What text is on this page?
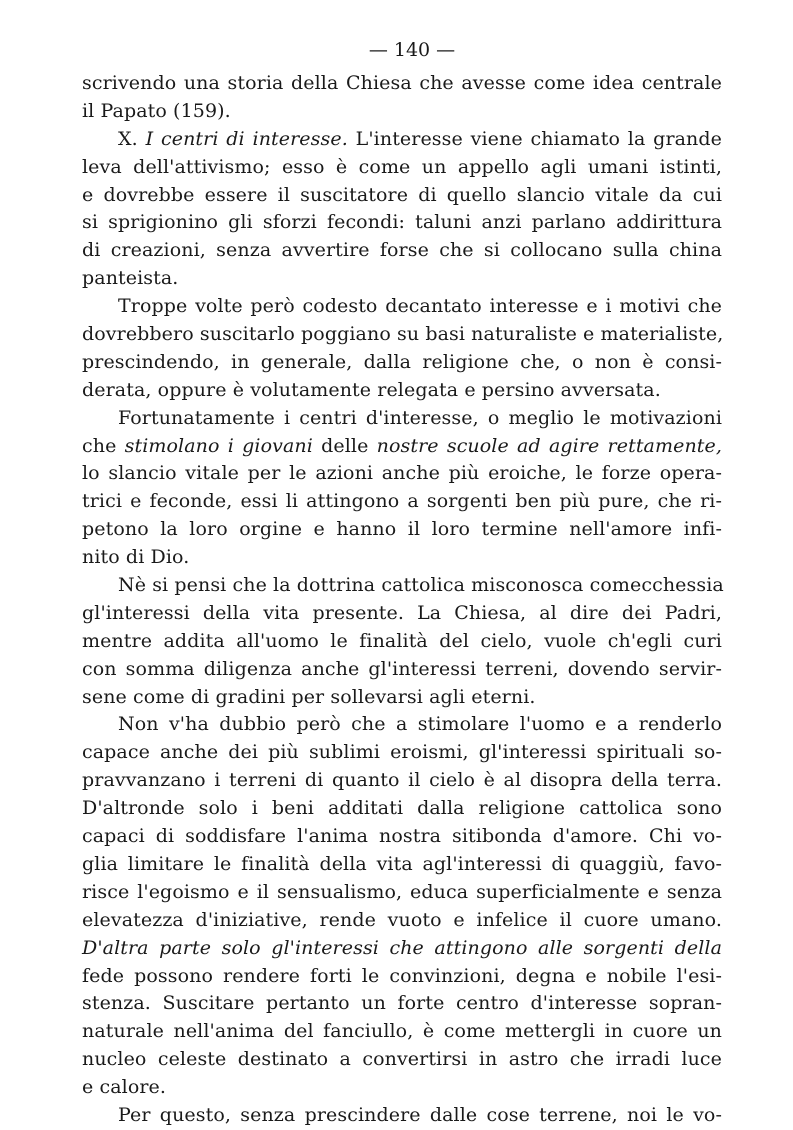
— 140 —
scrivendo una storia della Chiesa che avesse come idea centrale
il Papato (159).
X. I centri di interesse. L'interesse viene chiamato la grande
leva dell'attivismo; esso è come un appello agli umani istinti,
e dovrebbe essere il suscitatore di quello slancio vitale da cui
si sprigionino gli sforzi fecondi: taluni anzi parlano addirittura
di creazioni, senza avvertire forse che si collocano sulla china
panteista.
Troppe volte però codesto decantato interesse e i motivi che
dovrebbero suscitarlo poggiano su basi naturaliste e materialiste,
prescindendo, in generale, dalla religione che, o non è consi-
derata, oppure è volutamente relegata e persino avversata.
Fortunatamente i centri d'interesse, o meglio le motivazioni
che stimolano i giovani delle nostre scuole ad agire rettamente,
lo slancio vitale per le azioni anche più eroiche, le forze opera-
trici e feconde, essi li attingono a sorgenti ben più pure, che ri-
petono la loro orgine e hanno il loro termine nell'amore infi-
nito di Dio.
Nè si pensi che la dottrina cattolica misconosca comecchessia
gl'interessi della vita presente. La Chiesa, al dire dei Padri,
mentre addita all'uomo le finalità del cielo, vuole ch'egli curi
con somma diligenza anche gl'interessi terreni, dovendo servir-
sene come di gradini per sollevarsi agli eterni.
Non v'ha dubbio però che a stimolare l'uomo e a renderlo
capace anche dei più sublimi eroismi, gl'interessi spirituali so-
pravvanzano i terreni di quanto il cielo è al disopra della terra.
D'altronde solo i beni additati dalla religione cattolica sono
capaci di soddisfare l'anima nostra sitibonda d'amore. Chi vo-
glia limitare le finalità della vita agl'interessi di quaggiù, favo-
risce l'egoismo e il sensualismo, educa superficialmente e senza
elevatezza d'iniziative, rende vuoto e infelice il cuore umano.
D'altra parte solo gl'interessi che attingono alle sorgenti della
fede possono rendere forti le convinzioni, degna e nobile l'esi-
stenza. Suscitare pertanto un forte centro d'interesse sopran-
naturale nell'anima del fanciullo, è come mettergli in cuore un
nucleo celeste destinato a convertirsi in astro che irradi luce
e calore.
Per questo, senza prescindere dalle cose terrene, noi le vo-
